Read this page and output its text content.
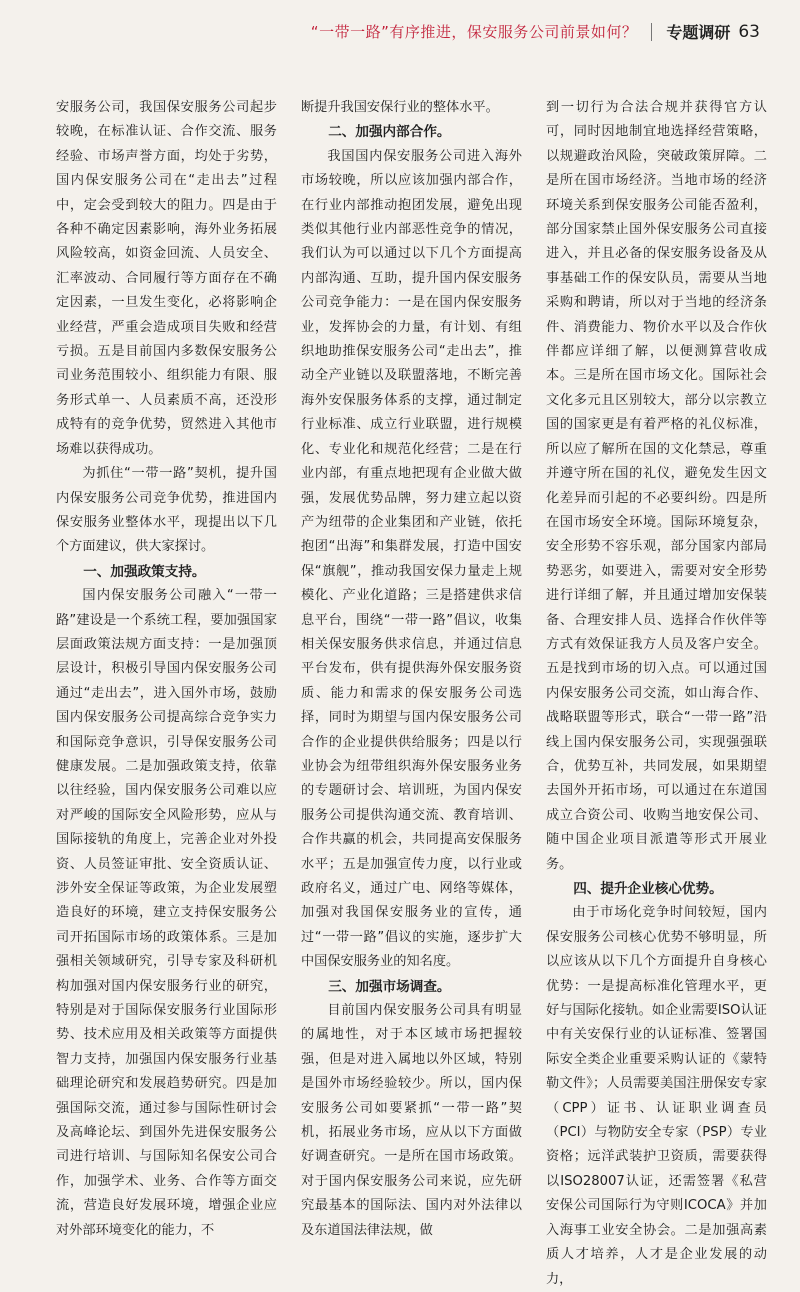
“一带一路”有序推进，保安服务公司前景如何？ 专题调研 63

安服务公司，我国保安服务公司起步较晚，在标准认证、合作交流、服务经验、市场声誉方面，均处于劣势，国内保安服务公司在“走出去”过程中，定会受到较大的阻力。四是由于各种不确定因素影响，海外业务拓展风险较高，如资金回流、人员安全、汇率波动、合同履行等方面存在不确定因素，一旦发生变化，必将影响企业经营，严重会造成项目失败和经营亏损。五是目前国内多数保安服务公司业务范围较小、组织能力有限、服务形式单一、人员素质不高，还没形成特有的竞争优势，贸然进入其他市场难以获得成功。

为抓住“一带一路”契机，提升国内保安服务公司竞争优势，推进国内保安服务业整体水平，现提出以下几个方面建议，供大家探讨。

一、加强政策支持。

国内保安服务公司融入“一带一路”建设是一个系统工程，要加强国家层面政策法规方面支持：一是加强顶层设计，积极引导国内保安服务公司通过“走出去”，进入国外市场，鼓励国内保安服务公司提高综合竞争实力和国际竞争意识，引导保安服务公司健康发展。二是加强政策支持，依靠以往经验，国内保安服务公司难以应对严峻的国际安全风险形势，应从与国际接轨的角度上，完善企业对外投资、人员签证审批、安全资质认证、涉外安全保证等政策，为企业发展塑造良好的环境，建立支持保安服务公司开拓国际市场的政策体系。三是加强相关领域研究，引导专家及科研机构加强对国内保安服务行业的研究，特别是对于国际保安服务行业国际形势、技术应用及相关政策等方面提供智力支持，加强国内保安服务行业基础理论研究和发展趋势研究。四是加强国际交流，通过参与国际性研讨会及高峰论坛、到国外先进保安服务公司进行培训、与国际知名保安公司合作，加强学术、业务、合作等方面交流，营造良好发展环境，增强企业应对外部环境变化的能力，不

断提升我国安保行业的整体水平。

二、加强内部合作。

我国国内保安服务公司进入海外市场较晚，所以应该加强内部合作，在行业内部推动抱团发展，避免出现类似其他行业内部恶性竞争的情况，我们认为可以通过以下几个方面提高内部沟通、互助，提升国内保安服务公司竞争能力：一是在国内保安服务业，发挥协会的力量，有计划、有组织地助推保安服务公司“走出去”，推动全产业链以及联盟落地，不断完善海外安保服务体系的支撑，通过制定行业标准、成立行业联盟，进行规模化、专业化和规范化经营；二是在行业内部，有重点地把现有企业做大做强，发展优势品牌，努力建立起以资产为纽带的企业集团和产业链，依托抱团“出海”和集群发展，打造中国安保“旗舰”，推动我国安保力量走上规模化、产业化道路；三是搭建供求信息平台，围绕“一带一路”倡议，收集相关保安服务供求信息，并通过信息平台发布，供有提供海外保安服务资质、能力和需求的保安服务公司选择，同时为期望与国内保安服务公司合作的企业提供供给服务；四是以行业协会为纽带组织海外保安服务业务的专题研讨会、培训班，为国内保安服务公司提供沟通交流、教育培训、合作共赢的机会，共同提高安保服务水平；五是加强宣传力度，以行业或政府名义，通过广电、网络等媒体，加强对我国保安服务业的宣传，通过“一带一路”倡议的实施，逐步扩大中国保安服务业的知名度。

三、加强市场调查。

目前国内保安服务公司具有明显的属地性，对于本区域市场把握较强，但是对进入属地以外区域，特别是国外市场经验较少。所以，国内保安服务公司如要紧抓“一带一路”契机，拓展业务市场，应从以下方面做好调查研究。一是所在国市场政策。对于国内保安服务公司来说，应先研究最基本的国际法、国内对外法律以及东道国法律法规，做

到一切行为合法合规并获得官方认可，同时因地制宜地选择经营策略，以规避政治风险，突破政策屏障。二是所在国市场经济。当地市场的经济环境关系到保安服务公司能否盈利，部分国家禁止国外保安服务公司直接进入，并且必备的保安服务设备及从事基础工作的保安队员，需要从当地采购和聘请，所以对于当地的经济条件、消费能力、物价水平以及合作伙伴都应详细了解，以便测算营收成本。三是所在国市场文化。国际社会文化多元且区别较大，部分以宗教立国的国家更是有着严格的礼仪标准，所以应了解所在国的文化禁忌，尊重并遵守所在国的礼仪，避免发生因文化差异而引起的不必要纠纷。四是所在国市场安全环境。国际环境复杂，安全形势不容乐观，部分国家内部局势恶劣，如要进入，需要对安全形势进行详细了解，并且通过增加安保装备、合理安排人员、选择合作伙伴等方式有效保证我方人员及客户安全。五是找到市场的切入点。可以通过国内保安服务公司交流，如山海合作、战略联盟等形式，联合“一带一路”沿线上国内保安服务公司，实现强强联合，优势互补，共同发展，如果期望去国外开拓市场，可以通过在东道国成立合资公司、收购当地安保公司、随中国企业项目派遣等形式开展业务。

四、提升企业核心优势。

由于市场化竞争时间较短，国内保安服务公司核心优势不够明显，所以应该从以下几个方面提升自身核心优势：一是提高标准化管理水平，更好与国际化接轨。如企业需要ISO认证中有关安保行业的认证标准、签署国际安全类企业重要采购认证的《蒙特勒文件》；人员需要美国注册保安专家（CPP）证书、认证职业调查员（PCI）与物防安全专家（PSP）专业资格；远洋武装护卫资质，需要获得以ISO28007认证，还需签署《私营安保公司国际行为守则ICOCA》并加入海事工业安全协会。二是加强高素质人才培养，人才是企业发展的动力，
